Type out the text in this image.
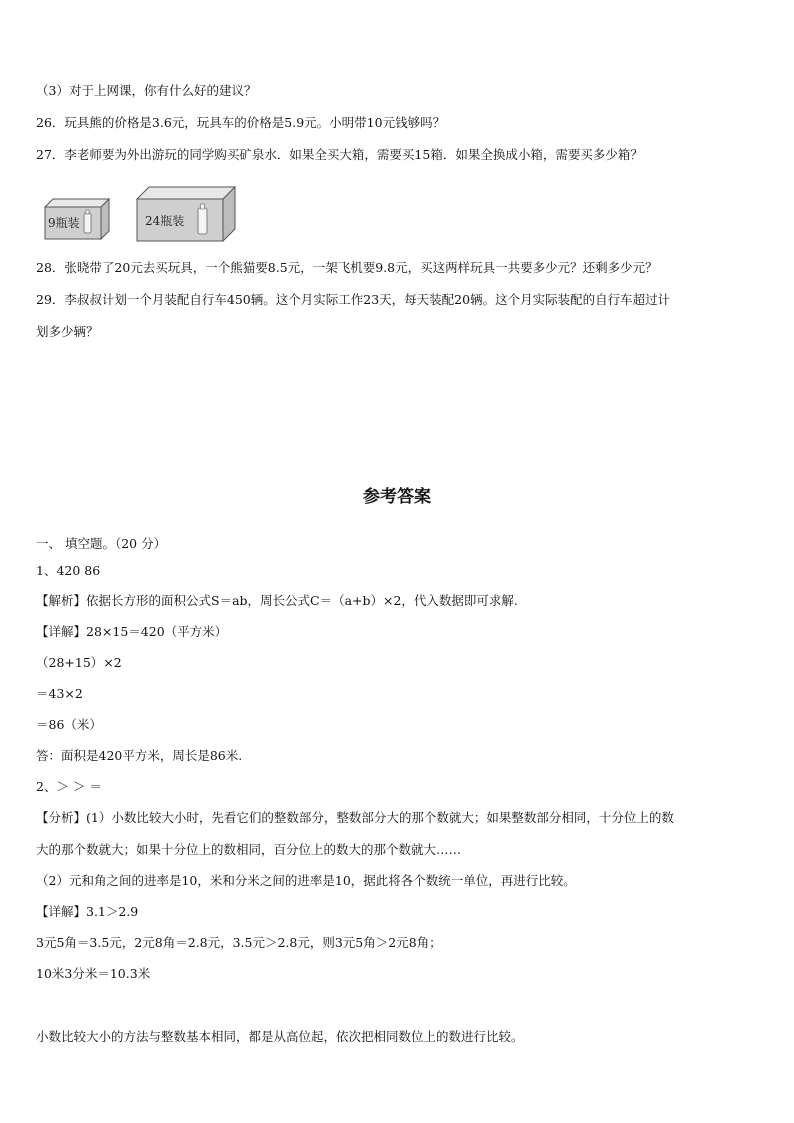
（3）对于上网课，你有什么好的建议？
26．玩具熊的价格是3.6元，玩具车的价格是5.9元。小明带10元钱够吗？
27．李老师要为外出游玩的同学购买矿泉水．如果全买大箱，需要买15箱．如果全换成小箱，需要买多少箱？
9瓶装	24瓶装
28．张晓带了20元去买玩具，一个熊猫要8.5元，一架飞机要9.8元，买这两样玩具一共要多少元？还剩多少元？
29．李叔叔计划一个月装配自行车450辆。这个月实际工作23天，每天装配20辆。这个月实际装配的自行车超过计
划多少辆？
参考答案
一、 填空题。（20 分）
1、420 86
【解析】依据长方形的面积公式S＝ab，周长公式C＝（a+b）×2，代入数据即可求解.
【详解】28×15＝420（平方米）
（28+15）×2
＝43×2
＝86（米）
答：面积是420平方米，周长是86米.
2、＞ ＞ ＝
【分析】(1）小数比较大小时，先看它们的整数部分，整数部分大的那个数就大；如果整数部分相同，十分位上的数
大的那个数就大；如果十分位上的数相同，百分位上的数大的那个数就大……
（2）元和角之间的进率是10，米和分米之间的进率是10，据此将各个数统一单位，再进行比较。
【详解】3.1＞2.9
3元5角＝3.5元，2元8角＝2.8元，3.5元＞2.8元，则3元5角＞2元8角；
10米3分米＝10.3米
小数比较大小的方法与整数基本相同，都是从高位起，依次把相同数位上的数进行比较。
